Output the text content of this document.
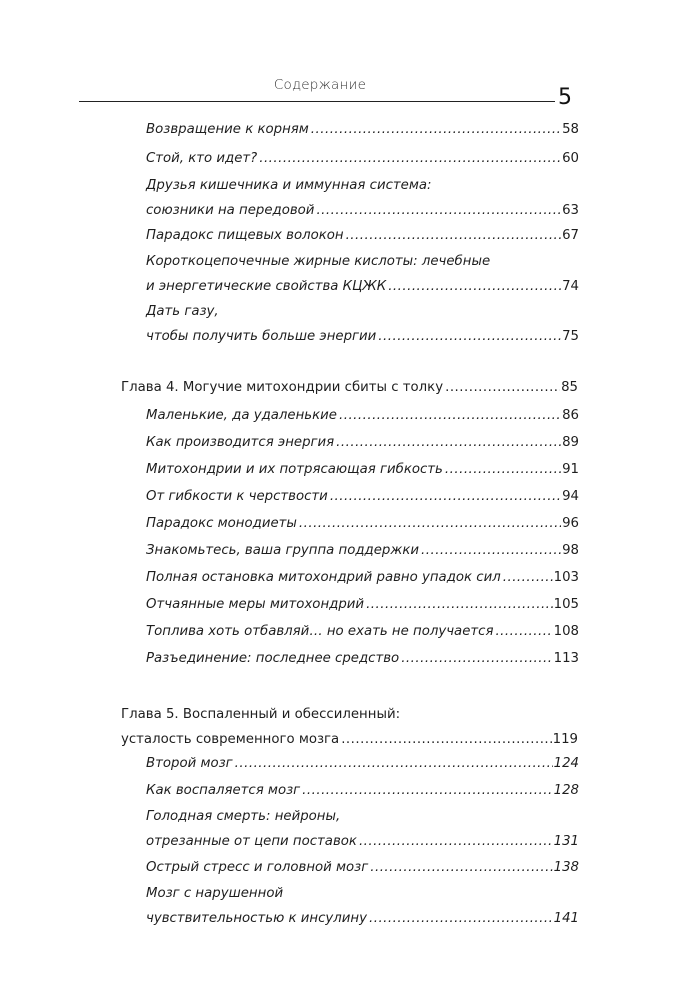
Содержание	5
Возвращение к корням .....	58
Стой, кто идет? .....	60
Друзья кишечника и иммунная система:
союзники на передовой .....	63
Парадокс пищевых волокон .....	67
Короткоцепочечные жирные кислоты: лечебные
и энергетические свойства КЦЖК .....	74
Дать газу,
чтобы получить больше энергии .....	75
Глава 4. Могучие митохондрии сбиты с толку .....	85
Маленькие, да удаленькие .....	86
Как производится энергия .....	89
Митохондрии и их потрясающая гибкость .....	91
От гибкости к черствости .....	94
Парадокс монодиеты .....	96
Знакомьтесь, ваша группа поддержки .....	98
Полная остановка митохондрий равно упадок сил .....	103
Отчаянные меры митохондрий .....	105
Топлива хоть отбавляй… но ехать не получается .....	108
Разъединение: последнее средство .....	113
Глава 5. Воспаленный и обессиленный:
усталость современного мозга .....	119
Второй мозг .....	124
Как воспаляется мозг .....	128
Голодная смерть: нейроны,
отрезанные от цепи поставок .....	131
Острый стресс и головной мозг .....	138
Мозг с нарушенной
чувствительностью к инсулину .....	141
